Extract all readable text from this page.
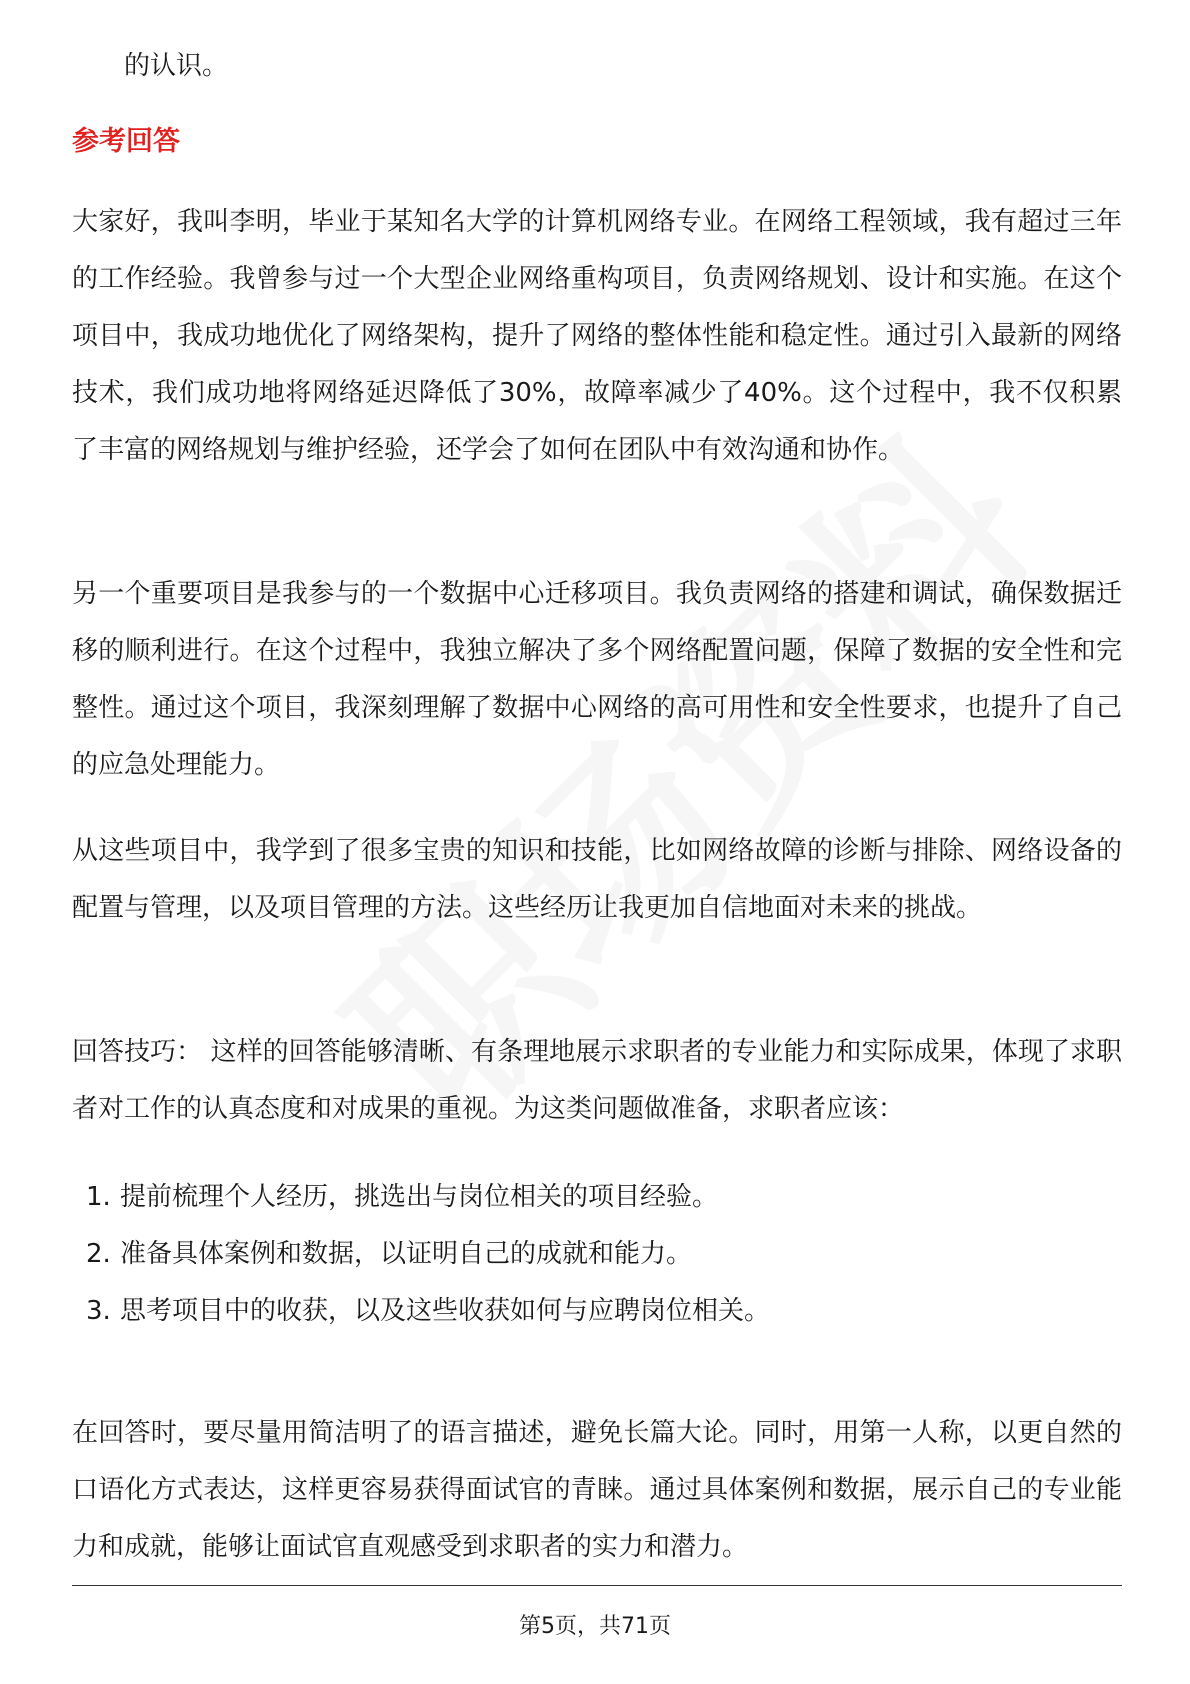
的认识。

参考回答

大家好，我叫李明，毕业于某知名大学的计算机网络专业。在网络工程领域，我有超过三年的工作经验。我曾参与过一个大型企业网络重构项目，负责网络规划、设计和实施。在这个项目中，我成功地优化了网络架构，提升了网络的整体性能和稳定性。通过引入最新的网络技术，我们成功地将网络延迟降低了30%，故障率减少了40%。这个过程中，我不仅积累了丰富的网络规划与维护经验，还学会了如何在团队中有效沟通和协作。

另一个重要项目是我参与的一个数据中心迁移项目。我负责网络的搭建和调试，确保数据迁移的顺利进行。在这个过程中，我独立解决了多个网络配置问题，保障了数据的安全性和完整性。通过这个项目，我深刻理解了数据中心网络的高可用性和安全性要求，也提升了自己的应急处理能力。

从这些项目中，我学到了很多宝贵的知识和技能，比如网络故障的诊断与排除、网络设备的配置与管理，以及项目管理的方法。这些经历让我更加自信地面对未来的挑战。

回答技巧： 这样的回答能够清晰、有条理地展示求职者的专业能力和实际成果，体现了求职者对工作的认真态度和对成果的重视。为这类问题做准备，求职者应该：

1. 提前梳理个人经历，挑选出与岗位相关的项目经验。
2. 准备具体案例和数据，以证明自己的成就和能力。
3. 思考项目中的收获，以及这些收获如何与应聘岗位相关。

在回答时，要尽量用简洁明了的语言描述，避免长篇大论。同时，用第一人称，以更自然的口语化方式表达，这样更容易获得面试官的青睐。通过具体案例和数据，展示自己的专业能力和成就，能够让面试官直观感受到求职者的实力和潜力。

第5页，共71页
